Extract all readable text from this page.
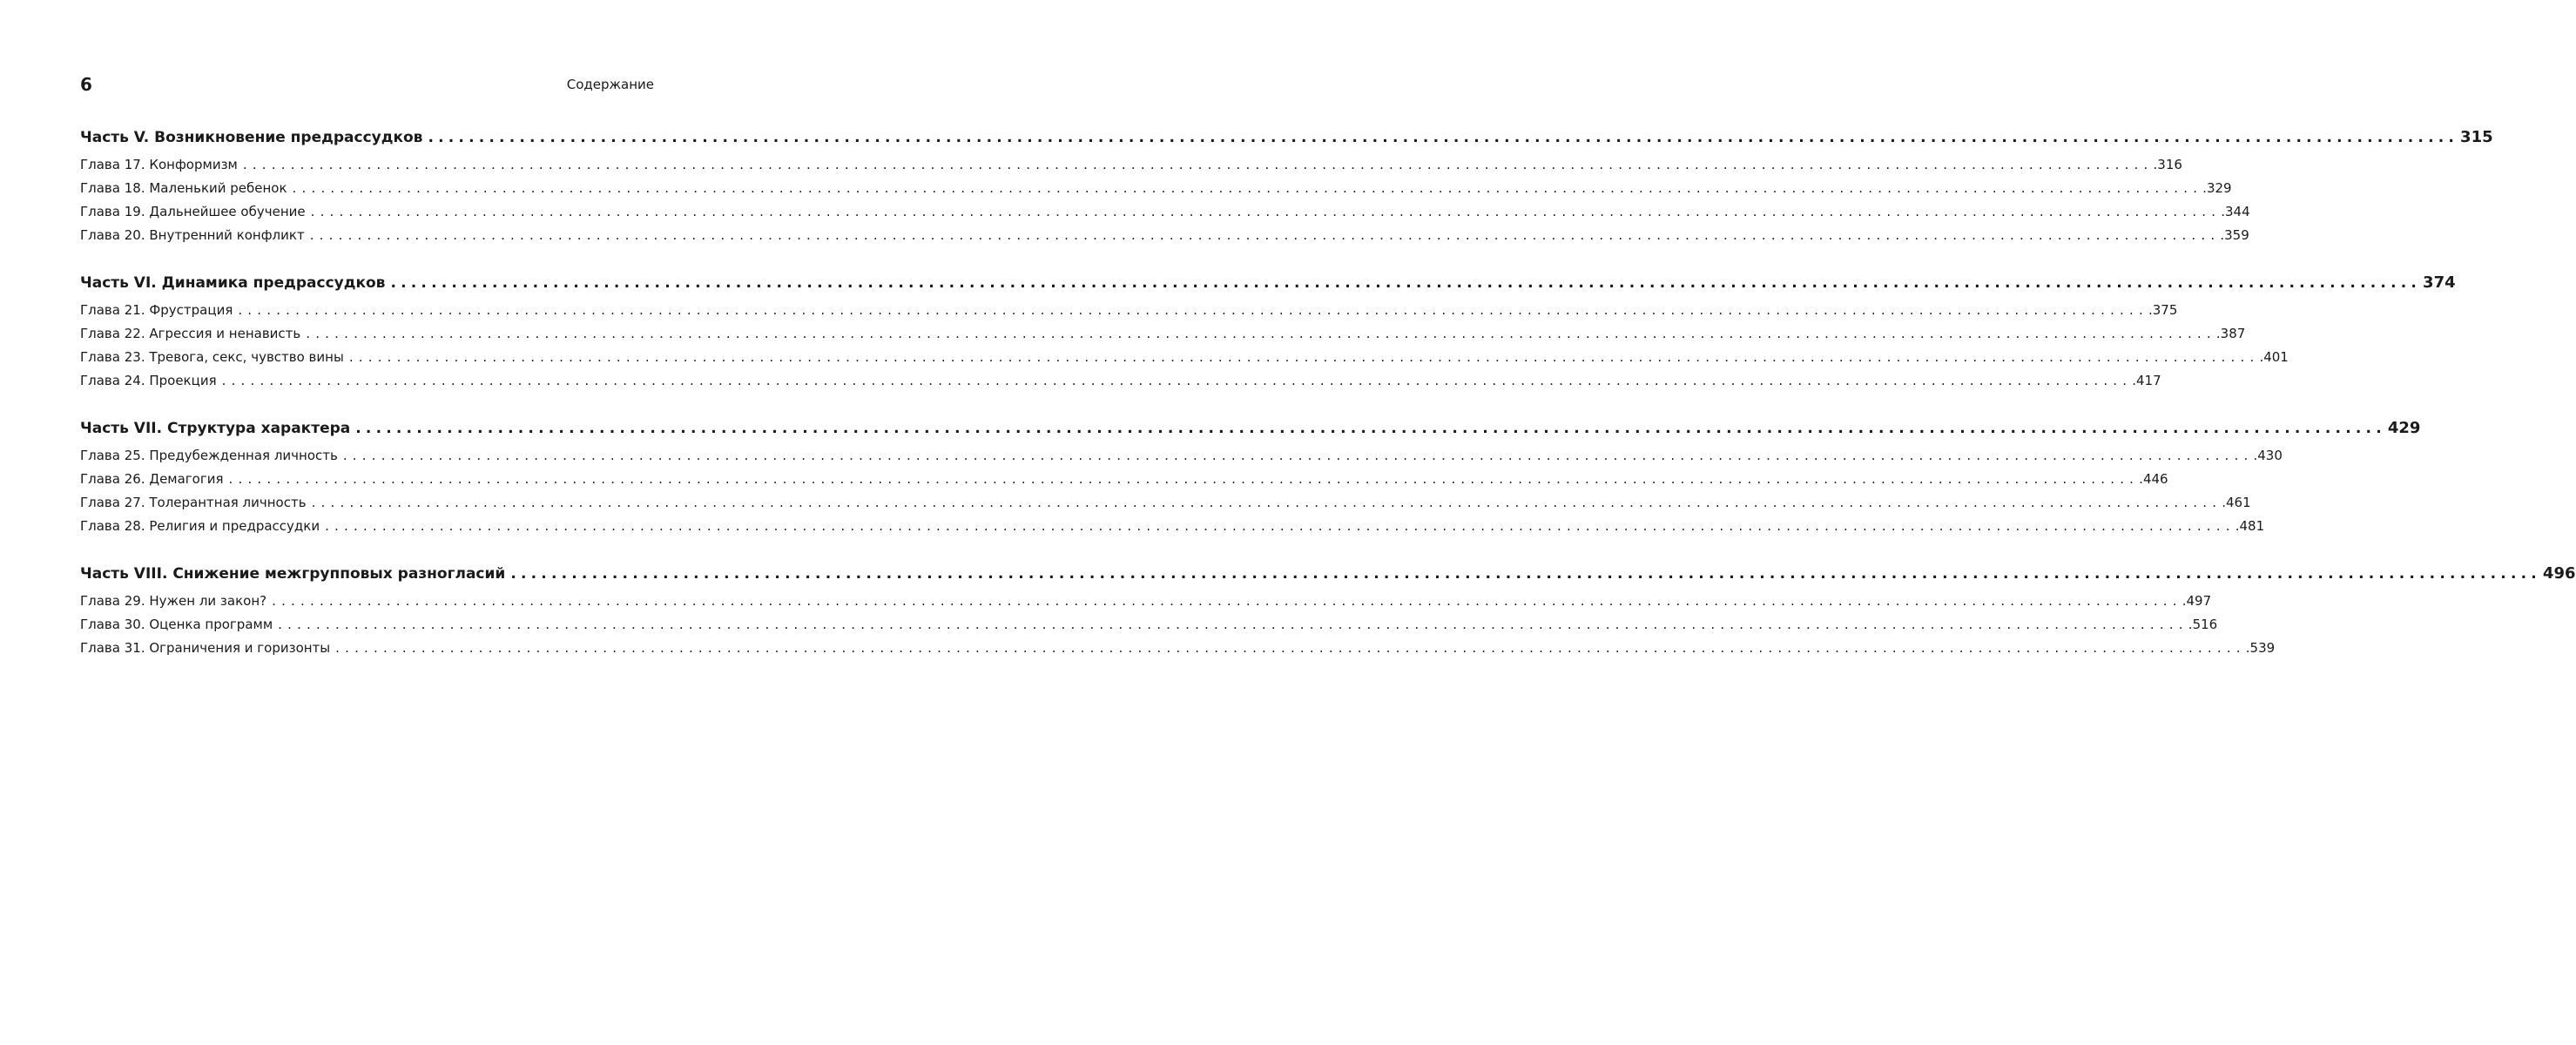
6	Содержание
Часть V. Возникновение предрассудков ........................................................................................................................................................................................................ 315
Глава 17. Конформизм ........................................................................................................................................................................................................ . 316
Глава 18. Маленький ребенок ........................................................................................................................................................................................................ . 329
Глава 19. Дальнейшее обучение ........................................................................................................................................................................................................ . 344
Глава 20. Внутренний конфликт ........................................................................................................................................................................................................ . 359
Часть VI. Динамика предрассудков ........................................................................................................................................................................................................ 374
Глава 21. Фрустрация ........................................................................................................................................................................................................ . 375
Глава 22. Агрессия и ненависть ........................................................................................................................................................................................................ . 387
Глава 23. Тревога, секс, чувство вины ........................................................................................................................................................................................................ . 401
Глава 24. Проекция ........................................................................................................................................................................................................ . 417
Часть VII. Структура характера ........................................................................................................................................................................................................ 429
Глава 25. Предубежденная личность ........................................................................................................................................................................................................ . 430
Глава 26. Демагогия ........................................................................................................................................................................................................ . 446
Глава 27. Толерантная личность ........................................................................................................................................................................................................ . 461
Глава 28. Религия и предрассудки ........................................................................................................................................................................................................ . 481
Часть VIII. Снижение межгрупповых разногласий ........................................................................................................................................................................................................ 496
Глава 29. Нужен ли закон? ........................................................................................................................................................................................................ . 497
Глава 30. Оценка программ ........................................................................................................................................................................................................ . 516
Глава 31. Ограничения и горизонты ........................................................................................................................................................................................................ . 539
